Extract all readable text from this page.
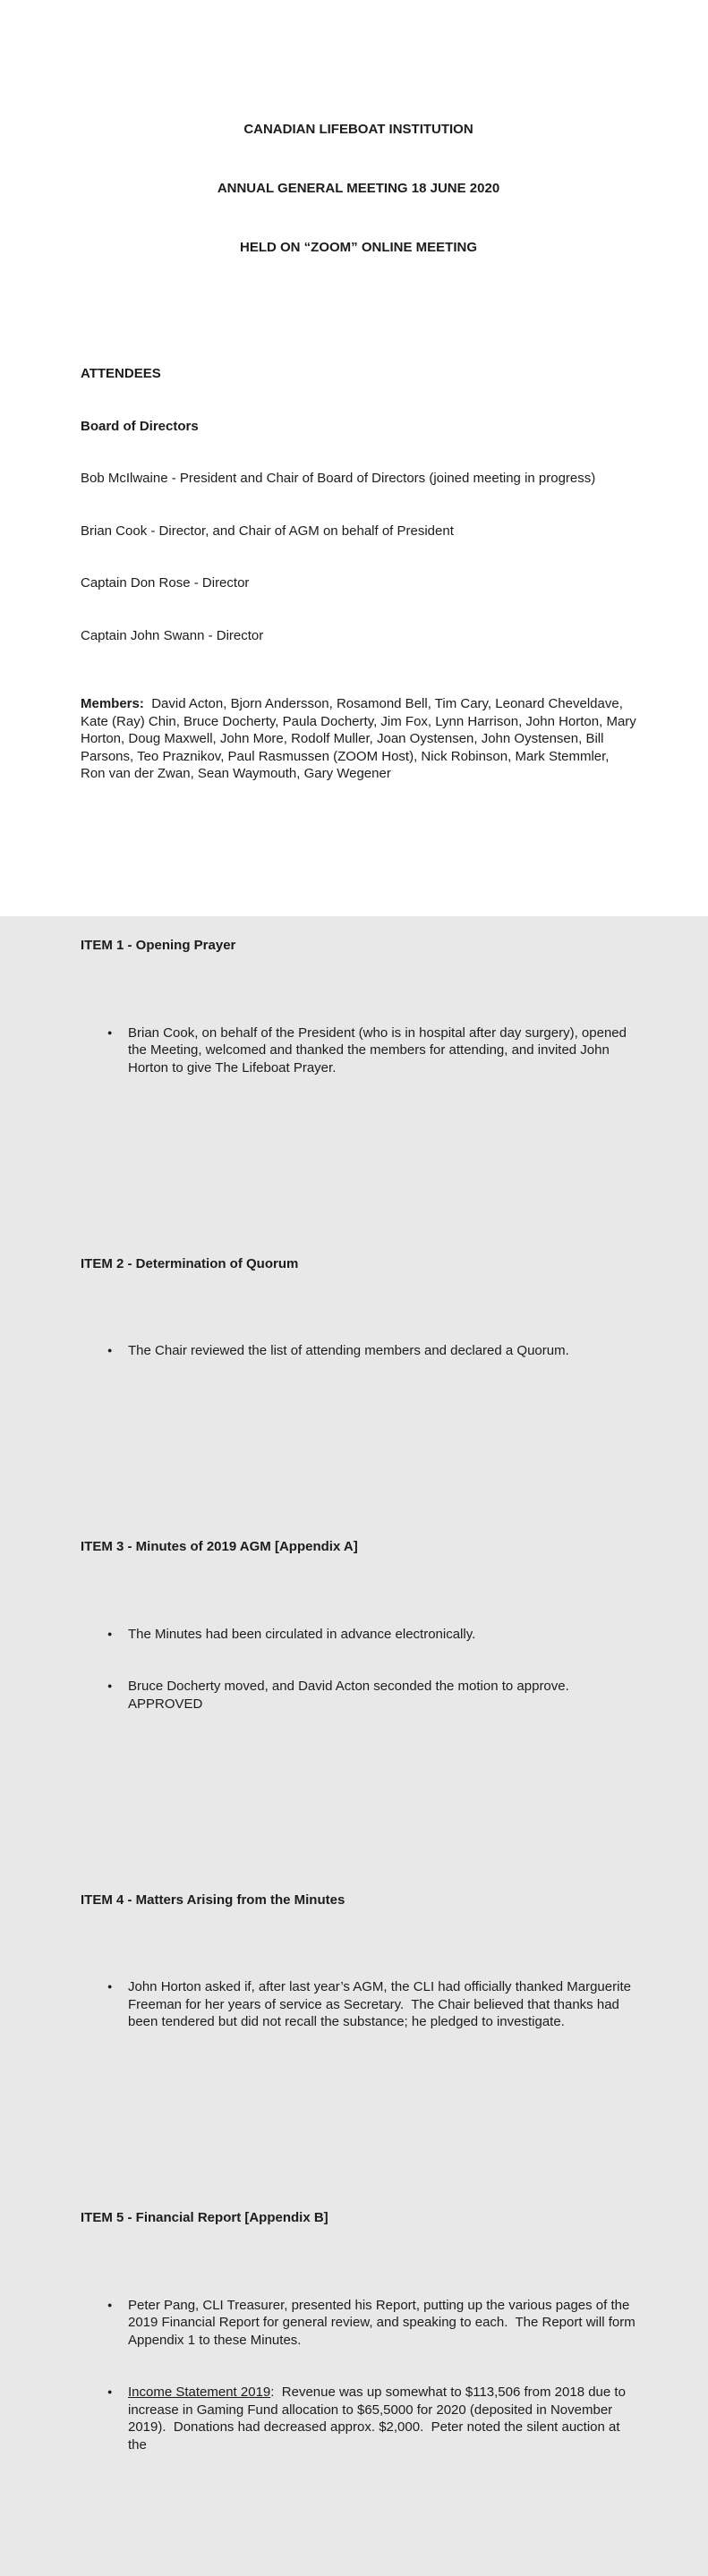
CANADIAN LIFEBOAT INSTITUTION

ANNUAL GENERAL MEETING 18 JUNE 2020

HELD ON “ZOOM” ONLINE MEETING

ATTENDEES

Board of Directors

Bob McIlwaine - President and Chair of Board of Directors (joined meeting in progress)

Brian Cook - Director, and Chair of AGM on behalf of President

Captain Don Rose - Director

Captain John Swann - Director

Members:  David Acton, Bjorn Andersson, Rosamond Bell, Tim Cary, Leonard Cheveldave, Kate (Ray) Chin, Bruce Docherty, Paula Docherty, Jim Fox, Lynn Harrison, John Horton, Mary Horton, Doug Maxwell, John More, Rodolf Muller, Joan Oystensen, John Oystensen, Bill Parsons, Teo Praznikov, Paul Rasmussen (ZOOM Host), Nick Robinson, Mark Stemmler, Ron van der Zwan, Sean Waymouth, Gary Wegener

ITEM 1 - Opening Prayer

● Brian Cook, on behalf of the President (who is in hospital after day surgery), opened the Meeting, welcomed and thanked the members for attending, and invited John Horton to give The Lifeboat Prayer.

ITEM 2 - Determination of Quorum

● The Chair reviewed the list of attending members and declared a Quorum.

ITEM 3 - Minutes of 2019 AGM [Appendix A]

● The Minutes had been circulated in advance electronically.

● Bruce Docherty moved, and David Acton seconded the motion to approve.  APPROVED

ITEM 4 - Matters Arising from the Minutes

● John Horton asked if, after last year’s AGM, the CLI had officially thanked Marguerite Freeman for her years of service as Secretary.  The Chair believed that thanks had been tendered but did not recall the substance; he pledged to investigate.

ITEM 5 - Financial Report [Appendix B]

● Peter Pang, CLI Treasurer, presented his Report, putting up the various pages of the 2019 Financial Report for general review, and speaking to each.  The Report will form Appendix 1 to these Minutes.

● Income Statement 2019:  Revenue was up somewhat to $113,506 from 2018 due to increase in Gaming Fund allocation to $65,5000 for 2020 (deposited in November 2019).  Donations had decreased approx. $2,000.  Peter noted the silent auction at the
